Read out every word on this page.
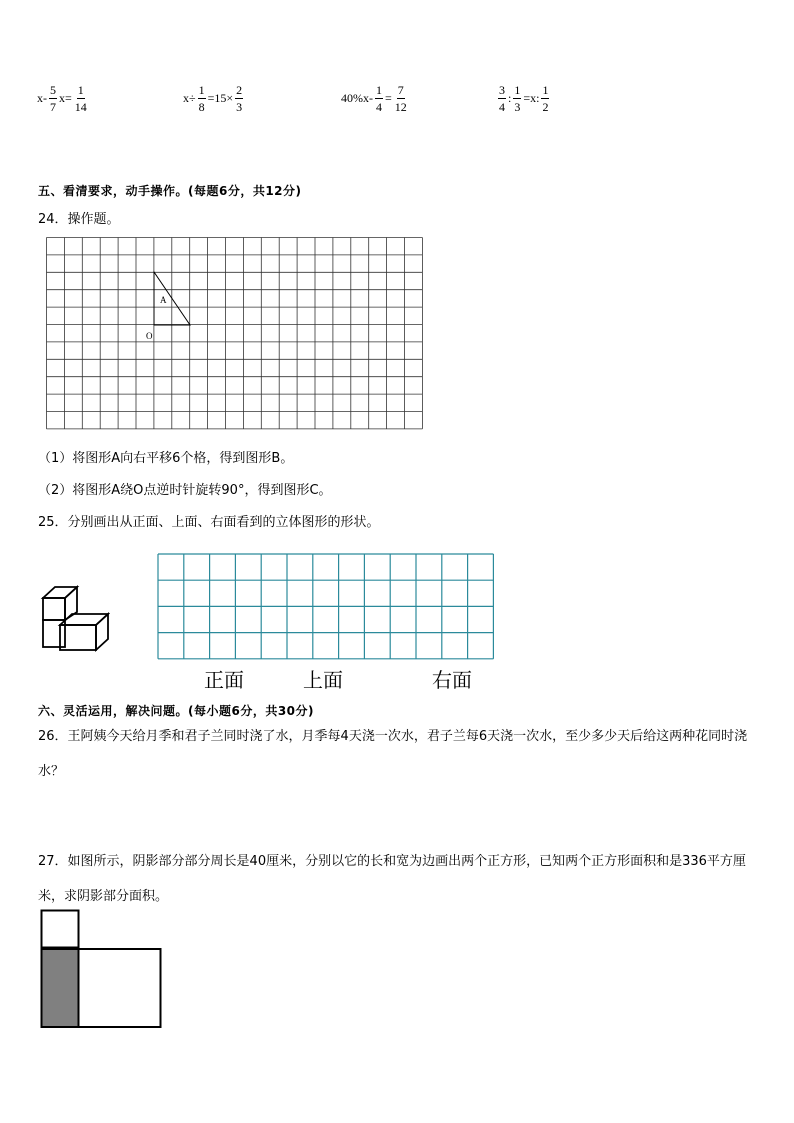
$x- \frac{5}{7} x= \frac{1}{14}$	$x\div \frac{1}{8} =15\times \frac{2}{3}$	$40\%x- \frac{1}{4} = \frac{7}{12}$	$\frac{3}{4}$ : $\frac{1}{3} =x$: $\frac{1}{2}$
五、看清要求，动手操作。(每题6分，共12分)
24．操作题。
A
O
（1）将图形A向右平移6个格，得到图形B。
（2）将图形A绕O点逆时针旋转90°，得到图形C。
25．分别画出从正面、上面、右面看到的立体图形的形状。
正面	上面	右面
六、灵活运用，解决问题。(每小题6分，共30分)
26．王阿姨今天给月季和君子兰同时浇了水，月季每4天浇一次水，君子兰每6天浇一次水，至少多少天后给这两种花同时浇水？
27．如图所示，阴影部分部分周长是40厘米，分别以它的长和宽为边画出两个正方形，已知两个正方形面积和是336平方厘米，求阴影部分面积。
